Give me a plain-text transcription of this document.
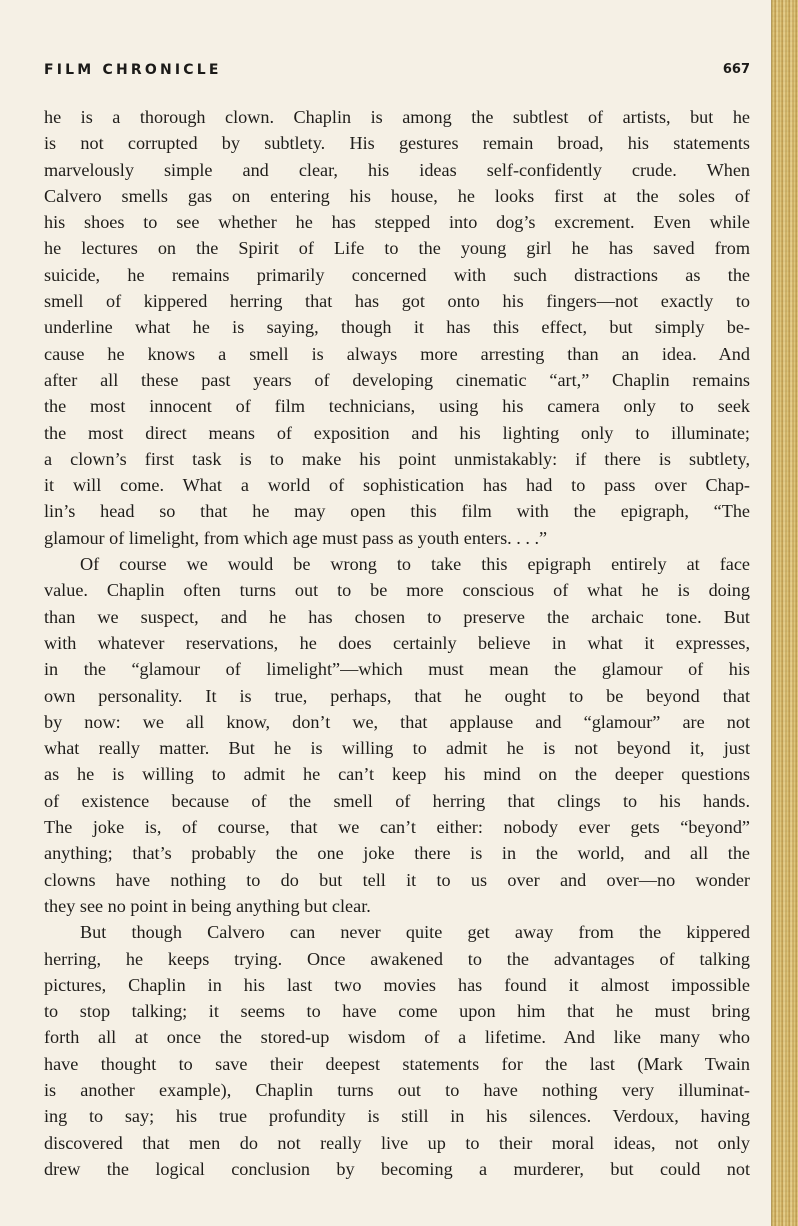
FILM CHRONICLE	667
he is a thorough clown. Chaplin is among the subtlest of artists, but he
is not corrupted by subtlety. His gestures remain broad, his statements
marvelously simple and clear, his ideas self-confidently crude. When
Calvero smells gas on entering his house, he looks first at the soles of
his shoes to see whether he has stepped into dog’s excrement. Even while
he lectures on the Spirit of Life to the young girl he has saved from
suicide, he remains primarily concerned with such distractions as the
smell of kippered herring that has got onto his fingers—not exactly to
underline what he is saying, though it has this effect, but simply be-
cause he knows a smell is always more arresting than an idea. And
after all these past years of developing cinematic “art,” Chaplin remains
the most innocent of film technicians, using his camera only to seek
the most direct means of exposition and his lighting only to illuminate;
a clown’s first task is to make his point unmistakably: if there is subtlety,
it will come. What a world of sophistication has had to pass over Chap-
lin’s head so that he may open this film with the epigraph, “The
glamour of limelight, from which age must pass as youth enters. . . .”
Of course we would be wrong to take this epigraph entirely at face
value. Chaplin often turns out to be more conscious of what he is doing
than we suspect, and he has chosen to preserve the archaic tone. But
with whatever reservations, he does certainly believe in what it expresses,
in the “glamour of limelight”—which must mean the glamour of his
own personality. It is true, perhaps, that he ought to be beyond that
by now: we all know, don’t we, that applause and “glamour” are not
what really matter. But he is willing to admit he is not beyond it, just
as he is willing to admit he can’t keep his mind on the deeper questions
of existence because of the smell of herring that clings to his hands.
The joke is, of course, that we can’t either: nobody ever gets “beyond”
anything; that’s probably the one joke there is in the world, and all the
clowns have nothing to do but tell it to us over and over—no wonder
they see no point in being anything but clear.
But though Calvero can never quite get away from the kippered
herring, he keeps trying. Once awakened to the advantages of talking
pictures, Chaplin in his last two movies has found it almost impossible
to stop talking; it seems to have come upon him that he must bring
forth all at once the stored-up wisdom of a lifetime. And like many who
have thought to save their deepest statements for the last (Mark Twain
is another example), Chaplin turns out to have nothing very illuminat-
ing to say; his true profundity is still in his silences. Verdoux, having
discovered that men do not really live up to their moral ideas, not only
drew the logical conclusion by becoming a murderer, but could not
